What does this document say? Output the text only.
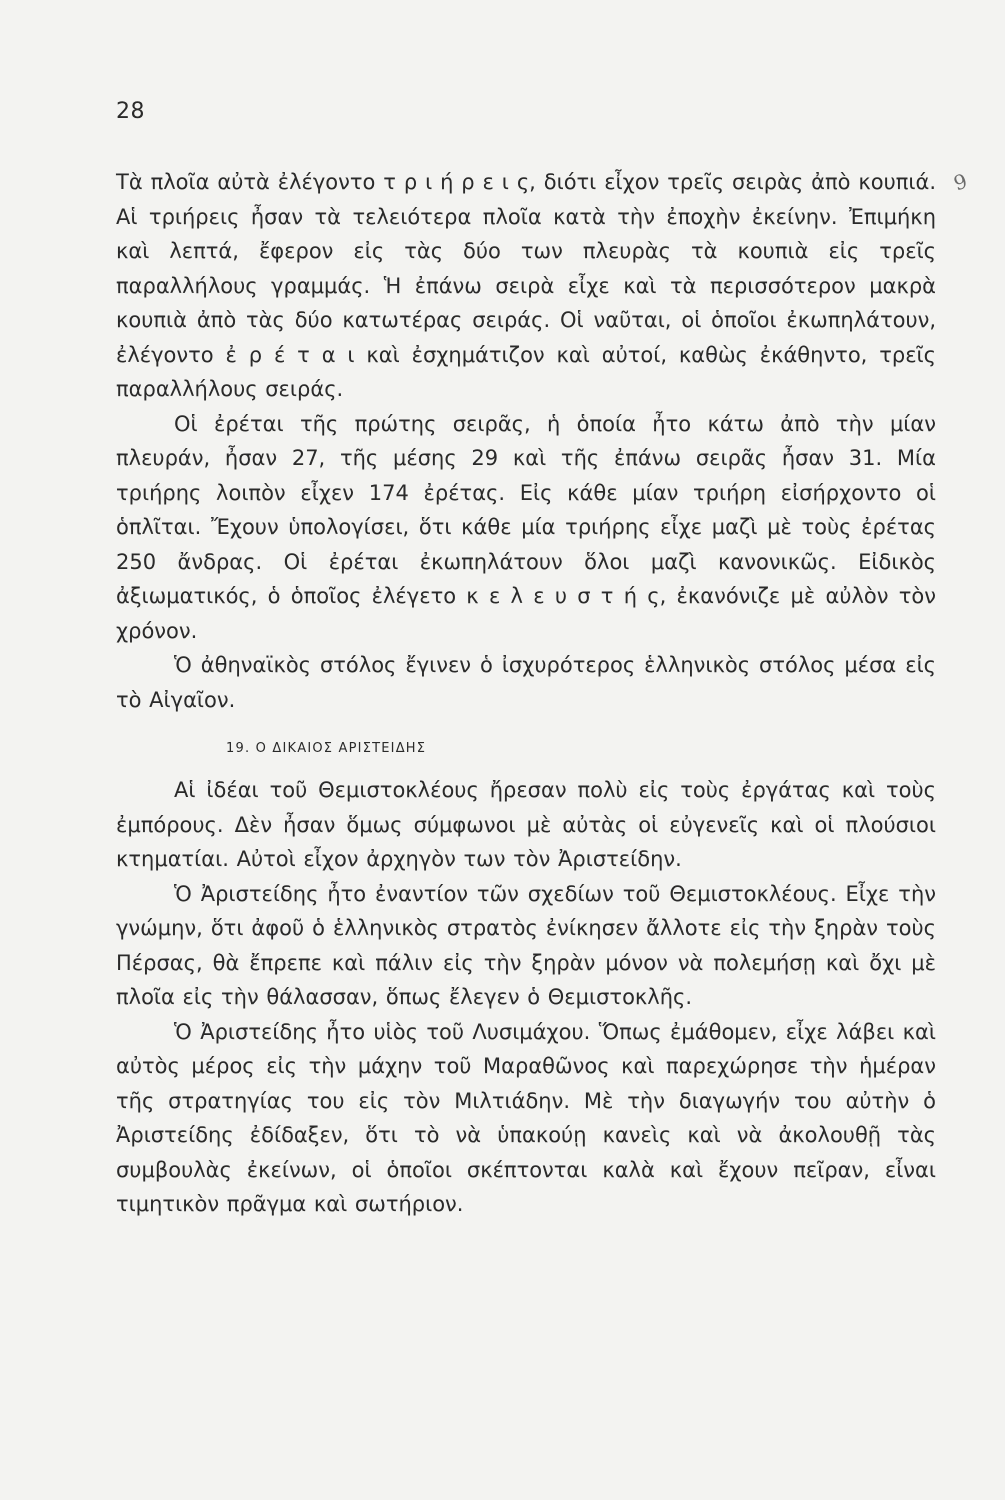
28
9

Τὰ πλοῖα αὐτὰ ἐλέγοντο τ ρ ι ή ρ ε ι ς, διότι εἶχον τρεῖς σειρὰς ἀπὸ κουπιά. Αἱ τριήρεις ἦσαν τὰ τελειότερα πλοῖα κατὰ τὴν ἐποχὴν ἐκείνην. Ἐπιμήκη καὶ λεπτά, ἔφερον εἰς τὰς δύο των πλευρὰς τὰ κουπιὰ εἰς τρεῖς παραλλήλους γραμμάς. Ἡ ἐπάνω σειρὰ εἶχε καὶ τὰ περισσότερον μακρὰ κουπιὰ ἀπὸ τὰς δύο κατωτέρας σειράς. Οἱ ναῦται, οἱ ὁποῖοι ἐκωπηλάτουν, ἐλέγοντο ἐ ρ έ τ α ι καὶ ἐσχημάτιζον καὶ αὐτοί, καθὼς ἐκάθηντο, τρεῖς παραλλήλους σειράς.

Οἱ ἐρέται τῆς πρώτης σειρᾶς, ἡ ὁποία ἦτο κάτω ἀπὸ τὴν μίαν πλευράν, ἦσαν 27, τῆς μέσης 29 καὶ τῆς ἐπάνω σειρᾶς ἦσαν 31. Μία τριήρης λοιπὸν εἶχεν 174 ἐρέτας. Εἰς κάθε μίαν τριήρη εἰσήρχοντο οἱ ὁπλῖται. Ἔχουν ὑπολογίσει, ὅτι κάθε μία τριήρης εἶχε μαζὶ μὲ τοὺς ἐρέτας 250 ἄνδρας. Οἱ ἐρέται ἐκωπηλάτουν ὅλοι μαζὶ κανονικῶς. Εἰδικὸς ἀξιωματικός, ὁ ὁποῖος ἐλέγετο κ ε λ ε υ σ τ ή ς, ἐκανόνιζε μὲ αὐλὸν τὸν χρόνον.

Ὁ ἀθηναϊκὸς στόλος ἔγινεν ὁ ἰσχυρότερος ἑλληνικὸς στόλος μέσα εἰς τὸ Αἰγαῖον.

19. Ο ΔΙΚΑΙΟΣ ΑΡΙΣΤΕΙΔΗΣ

Αἱ ἰδέαι τοῦ Θεμιστοκλέους ἤρεσαν πολὺ εἰς τοὺς ἐργάτας καὶ τοὺς ἐμπόρους. Δὲν ἦσαν ὅμως σύμφωνοι μὲ αὐτὰς οἱ εὐγενεῖς καὶ οἱ πλούσιοι κτηματίαι. Αὐτοὶ εἶχον ἀρχηγὸν των τὸν Ἀριστείδην.

Ὁ Ἀριστείδης ἦτο ἐναντίον τῶν σχεδίων τοῦ Θεμιστοκλέους. Εἶχε τὴν γνώμην, ὅτι ἀφοῦ ὁ ἑλληνικὸς στρατὸς ἐνίκησεν ἄλλοτε εἰς τὴν ξηρὰν τοὺς Πέρσας, θὰ ἔπρεπε καὶ πάλιν εἰς τὴν ξηρὰν μόνον νὰ πολεμήσῃ καὶ ὄχι μὲ πλοῖα εἰς τὴν θάλασσαν, ὅπως ἔλεγεν ὁ Θεμιστοκλῆς.

Ὁ Ἀριστείδης ἦτο υἱὸς τοῦ Λυσιμάχου. Ὅπως ἐμάθομεν, εἶχε λάβει καὶ αὐτὸς μέρος εἰς τὴν μάχην τοῦ Μαραθῶνος καὶ παρεχώρησε τὴν ἡμέραν τῆς στρατηγίας του εἰς τὸν Μιλτιάδην. Μὲ τὴν διαγωγήν του αὐτὴν ὁ Ἀριστείδης ἐδίδαξεν, ὅτι τὸ νὰ ὑπακούῃ κανεὶς καὶ νὰ ἀκολουθῇ τὰς συμβουλὰς ἐκείνων, οἱ ὁποῖοι σκέπτονται καλὰ καὶ ἔχουν πεῖραν, εἶναι τιμητικὸν πρᾶγμα καὶ σωτήριον.
